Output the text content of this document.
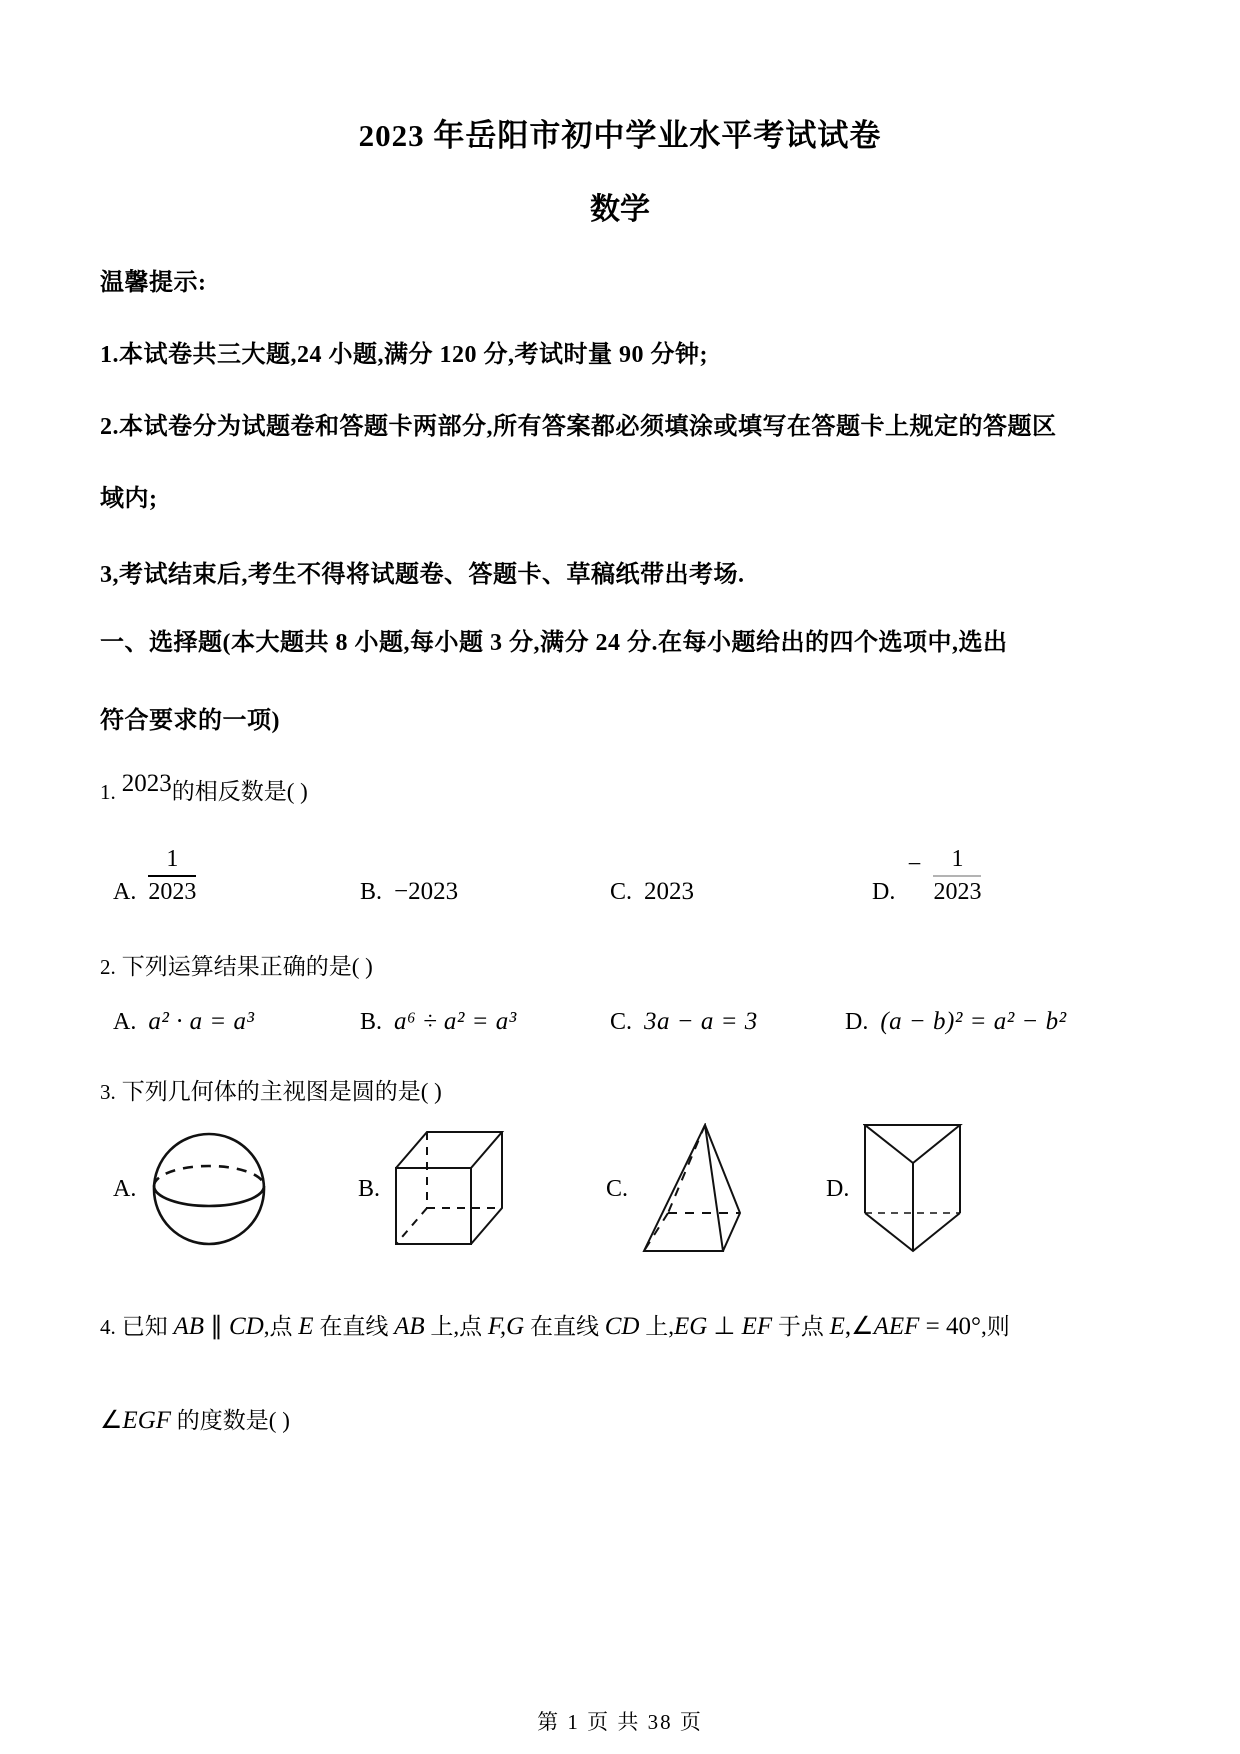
2023 年岳阳市初中学业水平考试试卷
数学
温馨提示:
1.本试卷共三大题,24 小题,满分 120 分,考试时量 90 分钟;
2.本试卷分为试题卷和答题卡两部分,所有答案都必须填涂或填写在答题卡上规定的答题区
域内;
3,考试结束后,考生不得将试题卷、答题卡、草稿纸带出考场.
一、选择题(本大题共 8 小题,每小题 3 分,满分 24 分.在每小题给出的四个选项中,选出
符合要求的一项)
1. 2023的相反数是( )
A. $\frac{1}{2023}$	B. −2023	C. 2023	D.
− $\frac{1}{2023}$
2. 下列运算结果正确的是( )
A. a² · a = a³	B. a⁶ ÷ a² = a³	C. 3a − a = 3	D. (a − b)² = a² − b²
3. 下列几何体的主视图是圆的是( )
A.	B.	C.	D.
4. 已知 AB ∥ CD,点 E 在直线 AB 上,点 F,G 在直线 CD 上,EG ⊥ EF 于点 E,∠AEF = 40°,则
∠EGF 的度数是( )
第 1 页 共 38 页
